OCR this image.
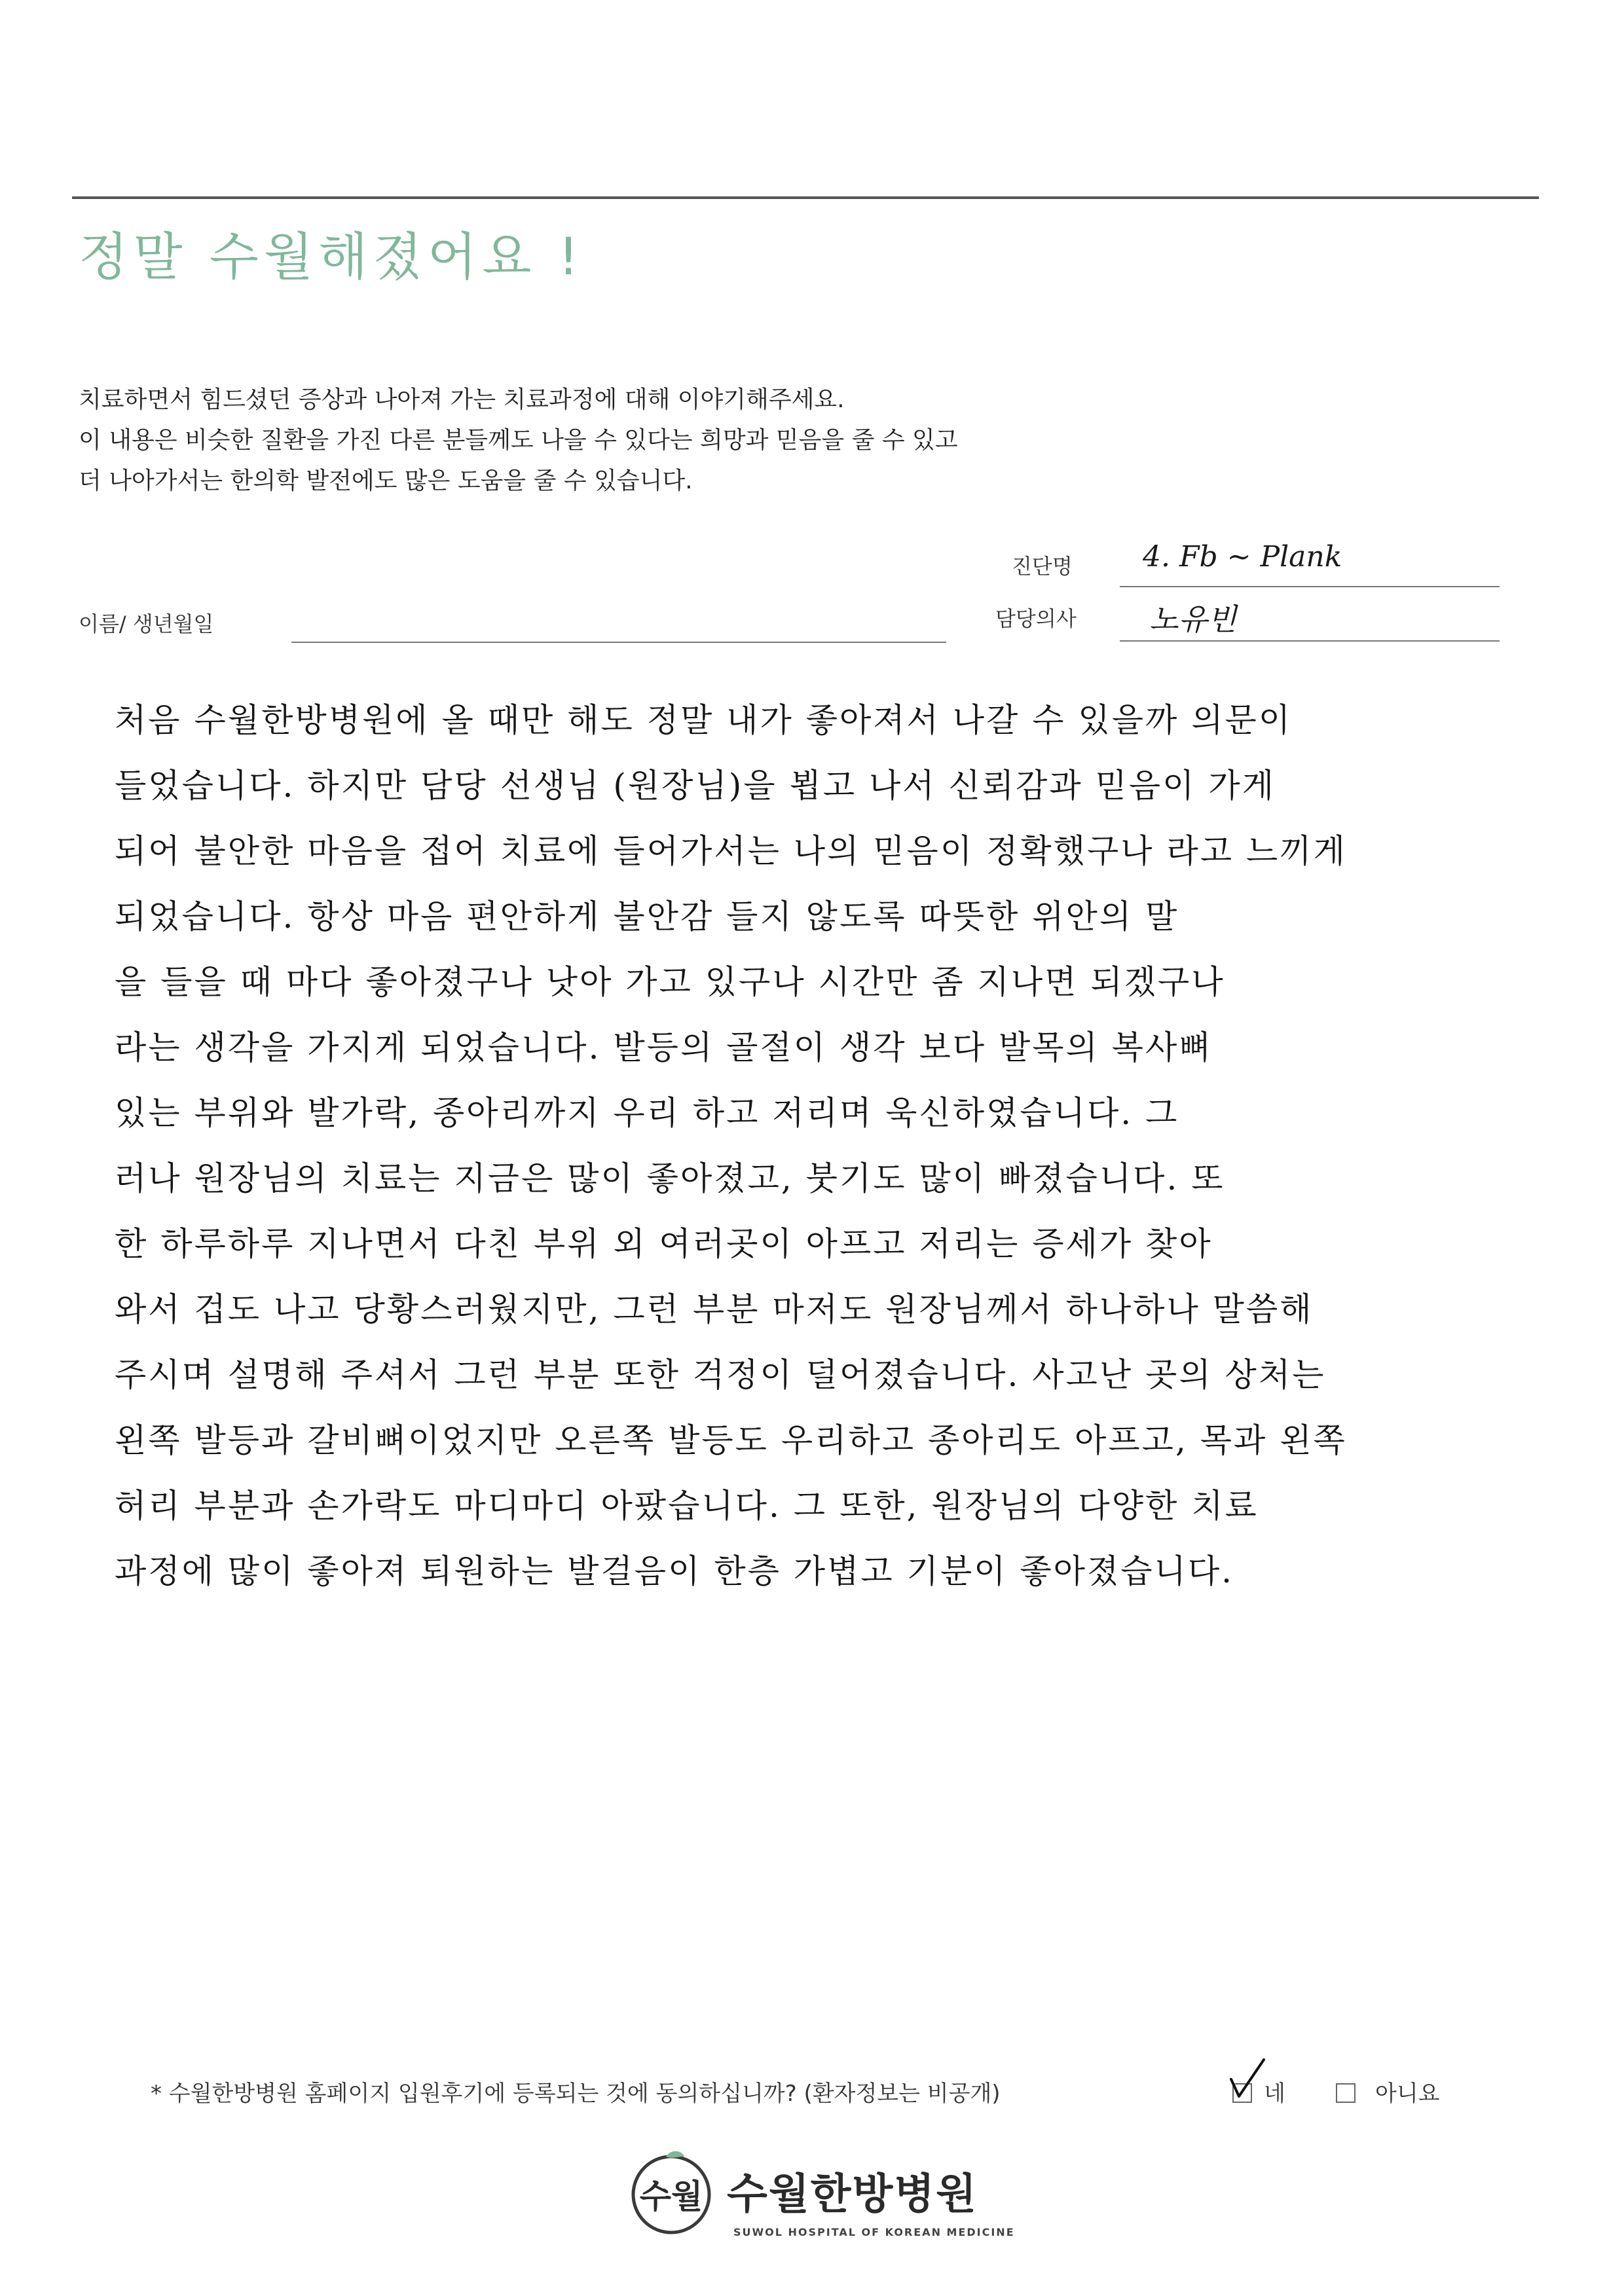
정말 수월해졌어요 !
치료하면서 힘드셨던 증상과 나아져 가는 치료과정에 대해 이야기해주세요.
이 내용은 비슷한 질환을 가진 다른 분들께도 나을 수 있다는 희망과 믿음을 줄 수 있고
더 나아가서는 한의학 발전에도 많은 도움을 줄 수 있습니다.
진단명 4. Fb ~ Plank
이름/ 생년월일	담당의사 노유빈
처음 수월한방병원에 올 때만 해도 정말 내가 좋아져서 나갈 수 있을까 의문이
들었습니다. 하지만 담당 선생님 (원장님)을 뵙고 나서 신뢰감과 믿음이 가게
되어 불안한 마음을 접어 치료에 들어가서는 나의 믿음이 정확했구나 라고 느끼게
되었습니다. 항상 마음 편안하게 불안감 들지 않도록 따뜻한 위안의 말
을 들을 때 마다 좋아졌구나 낫아 가고 있구나 시간만 좀 지나면 되겠구나
라는 생각을 가지게 되었습니다. 발등의 골절이 생각 보다 발목의 복사뼈
있는 부위와 발가락, 종아리까지 우리 하고 저리며 욱신하였습니다. 그
러나 원장님의 치료는 지금은 많이 좋아졌고, 붓기도 많이 빠졌습니다. 또
한 하루하루 지나면서 다친 부위 외 여러곳이 아프고 저리는 증세가 찾아
와서 겁도 나고 당황스러웠지만, 그런 부분 마저도 원장님께서 하나하나 말씀해
주시며 설명해 주셔서 그런 부분 또한 걱정이 덜어졌습니다. 사고난 곳의 상처는
왼쪽 발등과 갈비뼈이었지만 오른쪽 발등도 우리하고 종아리도 아프고, 목과 왼쪽
허리 부분과 손가락도 마디마디 아팠습니다. 그 또한, 원장님의 다양한 치료
과정에 많이 좋아져 퇴원하는 발걸음이 한층 가볍고 기분이 좋아졌습니다.
* 수월한방병원 홈페이지 입원후기에 등록되는 것에 동의하십니까? (환자정보는 비공개)	네	아니요
수월 수월한방병원
SUWOL HOSPITAL OF KOREAN MEDICINE
